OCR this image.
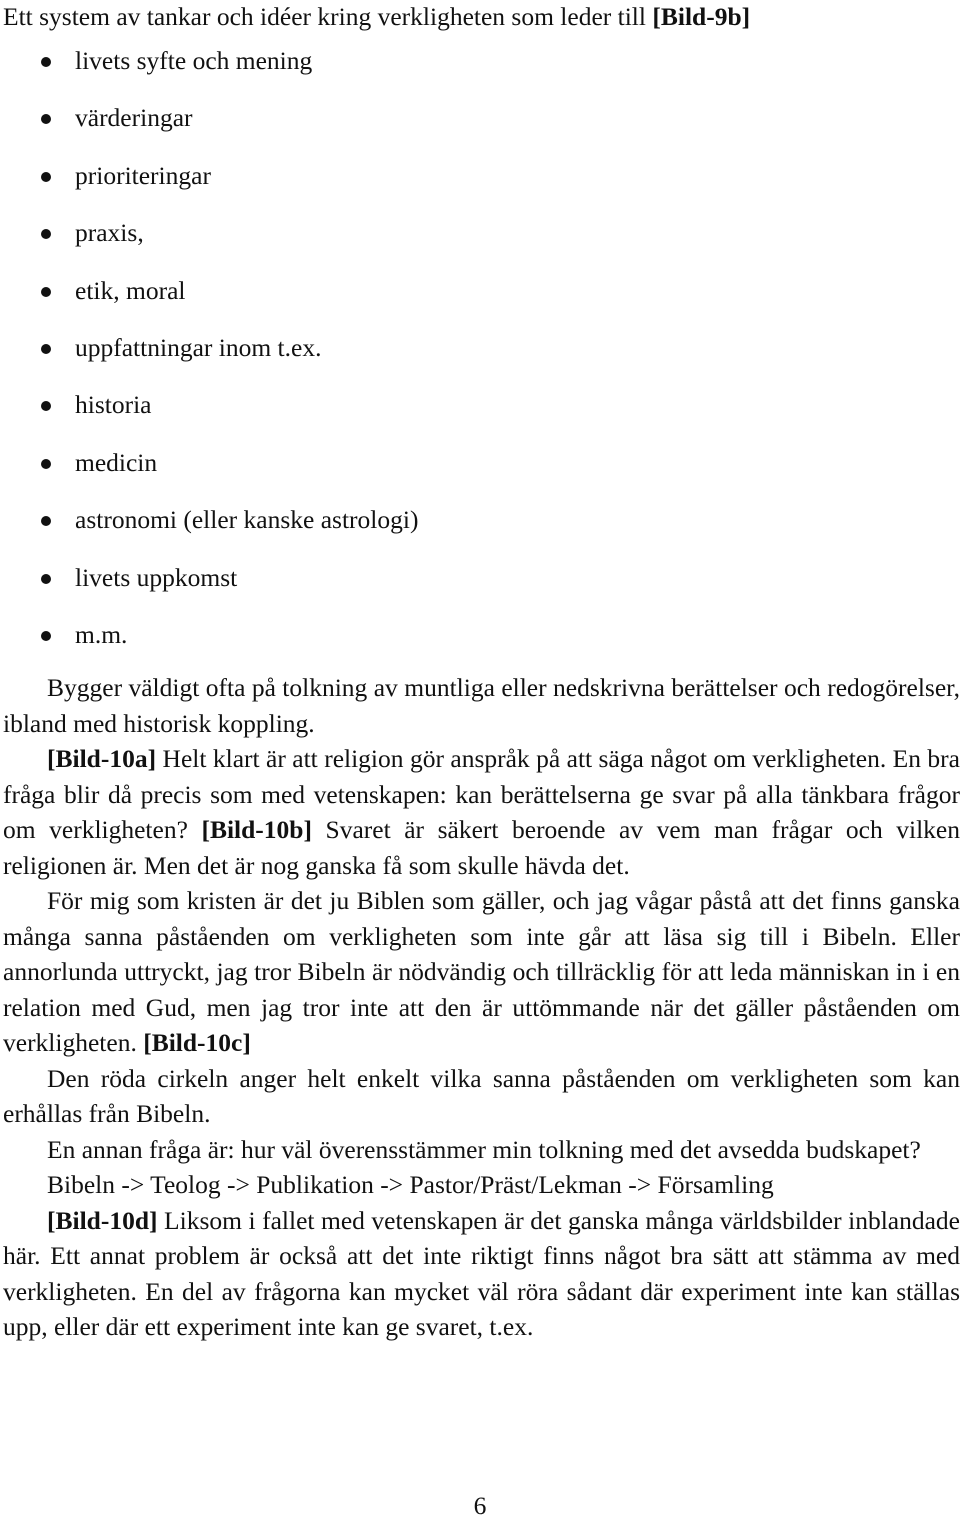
Ett system av tankar och idéer kring verkligheten som leder till [Bild-9b]
livets syfte och mening
värderingar
prioriteringar
praxis,
etik, moral
uppfattningar inom t.ex.
historia
medicin
astronomi (eller kanske astrologi)
livets uppkomst
m.m.

Bygger väldigt ofta på tolkning av muntliga eller nedskrivna berättelser och redogörelser, ibland med historisk koppling.

[Bild-10a] Helt klart är att religion gör anspråk på att säga något om verkligheten. En bra fråga blir då precis som med vetenskapen: kan berättelserna ge svar på alla tänkbara frågor om verkligheten? [Bild-10b] Svaret är säkert beroende av vem man frågar och vilken religionen är. Men det är nog ganska få som skulle hävda det.

För mig som kristen är det ju Biblen som gäller, och jag vågar påstå att det finns ganska många sanna påståenden om verkligheten som inte går att läsa sig till i Bibeln. Eller annorlunda uttryckt, jag tror Bibeln är nödvändig och tillräcklig för att leda människan in i en relation med Gud, men jag tror inte att den är uttömmande när det gäller påståenden om verkligheten. [Bild-10c]

Den röda cirkeln anger helt enkelt vilka sanna påståenden om verkligheten som kan erhållas från Bibeln.

En annan fråga är: hur väl överensstämmer min tolkning med det avsedda budskapet?

Bibeln -> Teolog -> Publikation -> Pastor/Präst/Lekman -> Församling

[Bild-10d] Liksom i fallet med vetenskapen är det ganska många världsbilder inblandade här. Ett annat problem är också att det inte riktigt finns något bra sätt att stämma av med verkligheten. En del av frågorna kan mycket väl röra sådant där experiment inte kan ställas upp, eller där ett experiment inte kan ge svaret, t.ex.

6
